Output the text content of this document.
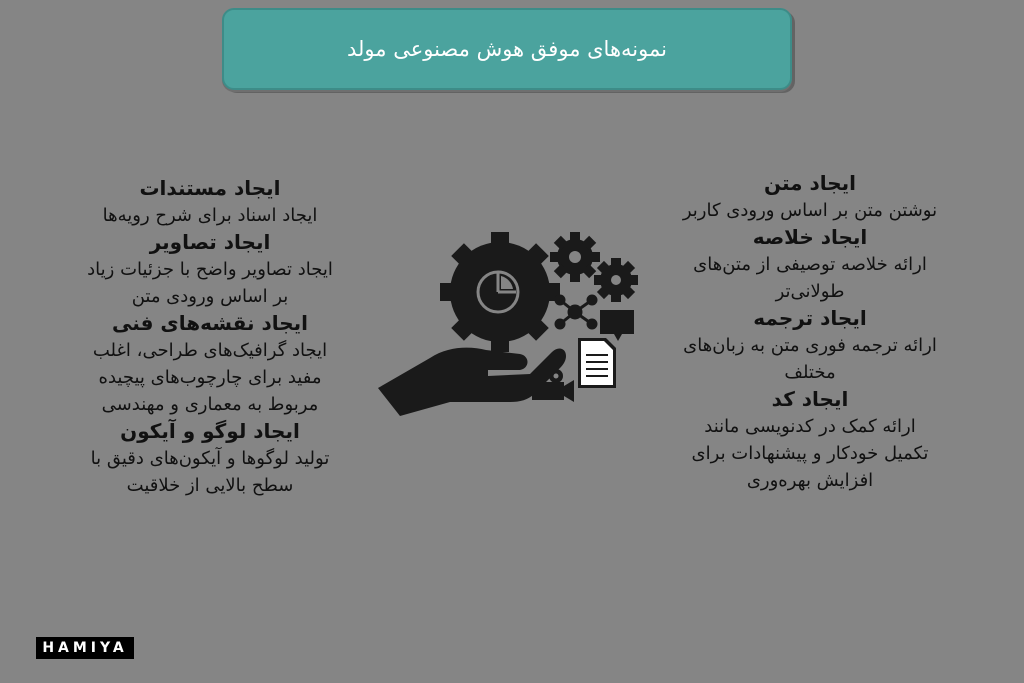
نمونه‌های موفق هوش مصنوعی مولد
ایجاد مستندات
ایجاد اسناد برای شرح رویه‌ها
ایجاد تصاویر
ایجاد تصاویر واضح با جزئیات زیاد
بر اساس ورودی متن
ایجاد نقشه‌های فنی
ایجاد گرافیک‌های طراحی، اغلب
مفید برای چارچوب‌های پیچیده
مربوط به معماری و مهندسی
ایجاد لوگو و آیکون
تولید لوگوها و آیکون‌های دقیق با
سطح بالایی از خلاقیت
ایجاد متن
نوشتن متن بر اساس ورودی کاربر
ایجاد خلاصه
ارائه خلاصه توصیفی از متن‌های
طولانی‌تر
ایجاد ترجمه
ارائه ترجمه فوری متن به زبان‌های
مختلف
ایجاد کد
ارائه کمک در کدنویسی مانند
تکمیل خودکار و پیشنهادات برای
افزایش بهره‌وری
HAMIYA
